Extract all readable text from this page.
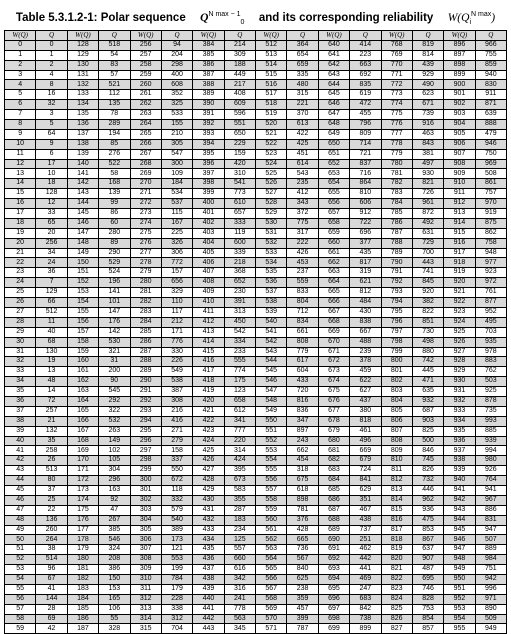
Table 5.3.1.2-1: Polar sequence $Q^{N max - 1}_0$ and its corresponding reliability $W(Q_i^{N max})$
W(Q)	Q	W(Q)	Q	W(Q)	Q	W(Q)	Q	W(Q)	Q	W(Q)	Q	W(Q)	Q	W(Q)	Q
0	0	128	518	256	94	384	214	512	364	640	414	768	819	896	966
1	1	129	54	257	204	385	309	513	654	641	223	769	814	897	755
2	2	130	83	258	298	386	188	514	659	642	663	770	439	898	859
3	4	131	57	259	400	387	449	515	335	643	692	771	929	899	940
4	8	132	521	260	608	388	217	516	480	644	835	772	490	900	830
5	16	133	112	261	352	389	408	517	315	645	619	773	623	901	911
6	32	134	135	262	325	390	609	518	221	646	472	774	671	902	871
7	3	135	78	263	533	391	596	519	370	647	455	775	739	903	639
8	5	136	289	264	155	392	551	520	613	648	796	776	916	904	888
9	64	137	194	265	210	393	650	521	422	649	809	777	463	905	479
10	9	138	85	266	305	394	229	522	425	650	714	778	843	906	946
11	6	139	276	267	547	395	159	523	451	651	721	779	381	907	750
12	17	140	522	268	300	396	420	524	614	652	837	780	497	908	969
13	10	141	58	269	109	397	310	525	543	653	716	781	930	909	508
14	18	142	168	270	184	398	541	526	235	654	864	782	821	910	861
15	128	143	139	271	534	399	773	527	412	655	810	783	726	911	757
16	12	144	99	272	537	400	610	528	343	656	606	784	961	912	970
17	33	145	86	273	115	401	657	529	372	657	912	785	872	913	919
18	65	146	60	274	167	402	333	530	775	658	722	786	492	914	875
19	20	147	280	275	225	403	119	531	317	659	696	787	631	915	862
20	256	148	89	276	326	404	600	532	222	660	377	788	729	916	758
21	34	149	290	277	306	405	339	533	426	661	435	789	700	917	948
22	24	150	529	278	772	406	218	534	453	662	817	790	443	918	977
23	36	151	524	279	157	407	368	535	237	663	319	791	741	919	923
24	7	152	196	280	656	408	652	536	559	664	621	792	845	920	972
25	129	153	141	281	329	409	230	537	833	665	812	793	920	921	761
26	66	154	101	282	110	410	391	538	804	666	484	794	382	922	877
27	512	155	147	283	117	411	313	539	712	667	430	795	822	923	952
28	11	156	176	284	212	412	450	540	834	668	838	796	851	924	495
29	40	157	142	285	171	413	542	541	661	669	667	797	730	925	703
30	68	158	530	286	776	414	334	542	808	670	488	798	498	926	935
31	130	159	321	287	330	415	233	543	779	671	239	799	880	927	978
32	19	160	31	288	226	416	555	544	617	672	378	800	742	928	883
33	13	161	200	289	549	417	774	545	604	673	459	801	445	929	762
34	48	162	90	290	538	418	175	546	433	674	622	802	471	930	503
35	14	163	545	291	387	419	123	547	720	675	627	803	635	931	925
36	72	164	292	292	308	420	658	548	816	676	437	804	932	932	878
37	257	165	322	293	216	421	612	549	836	677	380	805	687	933	735
38	21	166	532	294	416	422	341	550	347	678	818	806	903	934	993
39	132	167	263	295	271	423	777	551	897	679	461	807	825	935	885
40	35	168	149	296	279	424	220	552	243	680	496	808	500	936	939
41	258	169	102	297	158	425	314	553	662	681	669	809	846	937	994
42	26	170	105	298	337	426	424	554	454	682	679	810	745	938	980
43	513	171	304	299	550	427	395	555	318	683	724	811	826	939	926
44	80	172	296	300	672	428	673	556	675	684	841	812	732	940	764
45	37	173	163	301	118	429	583	557	618	685	629	813	446	941	941
46	25	174	92	302	332	430	355	558	898	686	351	814	962	942	967
47	22	175	47	303	579	431	287	559	781	687	467	815	936	943	886
48	136	176	267	304	540	432	183	560	376	688	438	816	475	944	831
49	260	177	385	305	389	433	234	561	428	689	737	817	853	945	947
50	264	178	546	306	173	434	125	562	665	690	251	818	867	946	507
51	38	179	324	307	121	435	557	563	736	691	462	819	637	947	889
52	514	180	208	308	553	436	660	564	567	692	442	820	907	948	984
53	96	181	386	309	199	437	616	565	840	693	441	821	487	949	751
54	67	182	150	310	784	438	342	566	625	694	469	822	695	950	942
55	41	183	153	311	179	439	316	567	238	695	247	823	746	951	996
56	144	184	165	312	228	440	241	568	359	696	683	824	828	952	971
57	28	185	106	313	338	441	778	569	457	697	842	825	753	953	890
58	69	186	55	314	312	442	563	570	399	698	738	826	854	954	509
59	42	187	328	315	704	443	345	571	787	699	899	827	857	955	949
